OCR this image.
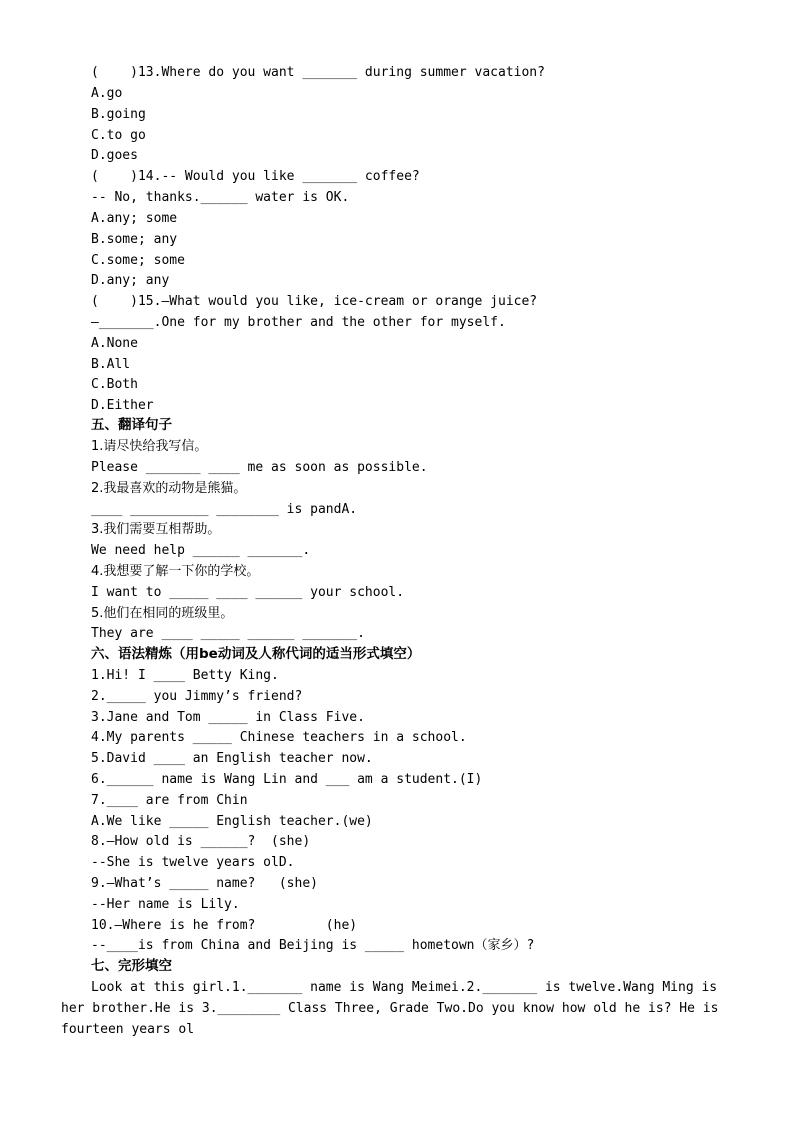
(    )13.Where do you want _______ during summer vacation?
A.go
B.going
C.to go
D.goes
(    )14.-- Would you like _______ coffee?
-- No, thanks.______ water is OK.
A.any; some
B.some; any
C.some; some
D.any; any
(    )15.—What would you like, ice-cream or orange juice?
—_______.One for my brother and the other for myself.
A.None
B.All
C.Both
D.Either
五、翻译句子
1.请尽快给我写信。
Please _______ ____ me as soon as possible.
2.我最喜欢的动物是熊猫。
____ __________ ________ is pandA.
3.我们需要互相帮助。
We need help ______ _______.
4.我想要了解一下你的学校。
I want to _____ ____ ______ your school.
5.他们在相同的班级里。
They are ____ _____ ______ _______.
六、语法精炼（用be动词及人称代词的适当形式填空）
1.Hi! I ____ Betty King.
2._____ you Jimmy’s friend?
3.Jane and Tom _____ in Class Five.
4.My parents _____ Chinese teachers in a school.
5.David ____ an English teacher now.
6.______ name is Wang Lin and ___ am a student.(I)
7.____ are from Chin
A.We like _____ English teacher.(we)
8.–How old is ______?  (she)
--She is twelve years olD.
9.–What’s _____ name?   (she)
--Her name is Lily.
10.–Where is he from?         (he)
--____is from China and Beijing is _____ hometown（家乡）?
七、完形填空
Look at this girl.1._______ name is Wang Meimei.2._______ is twelve.Wang Ming is her brother.He is 3.________ Class Three, Grade Two.Do you know how old he is? He is fourteen years ol
